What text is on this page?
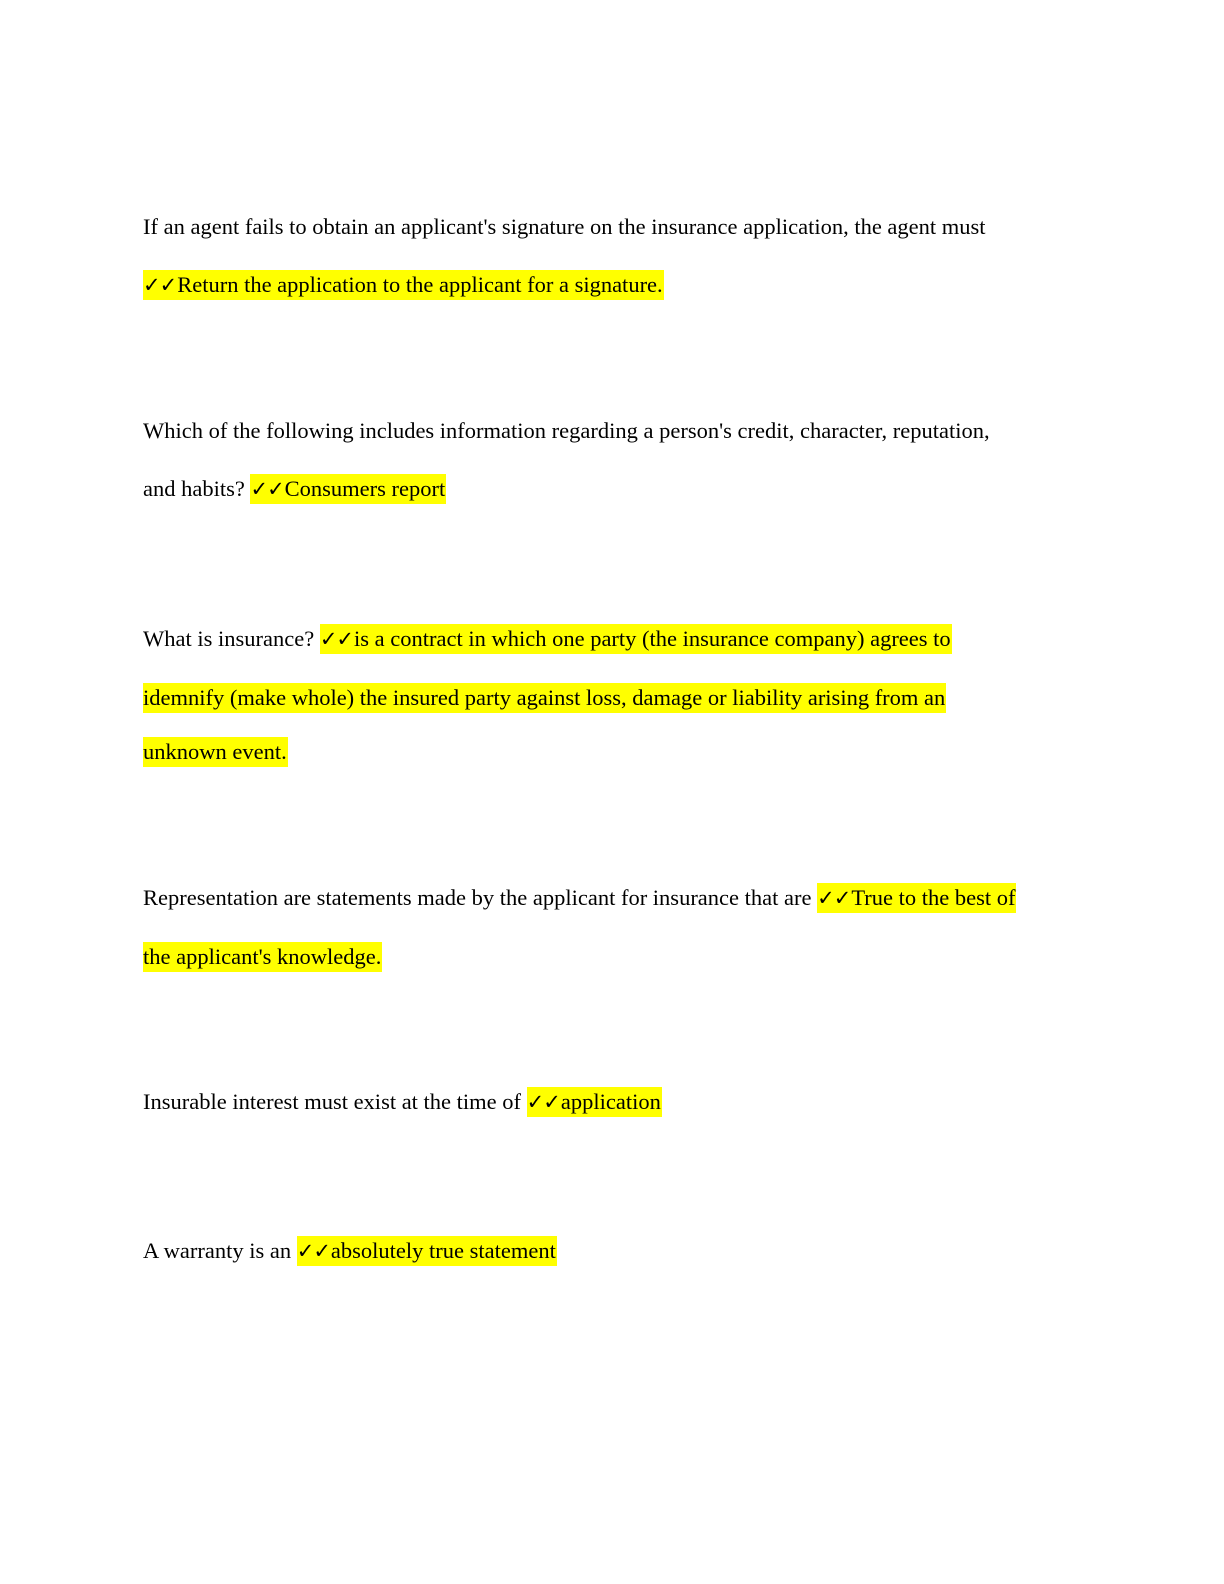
If an agent fails to obtain an applicant's signature on the insurance application, the agent must
✓✓Return the application to the applicant for a signature.
Which of the following includes information regarding a person's credit, character, reputation,
and habits? ✓✓Consumers report
What is insurance? ✓✓is a contract in which one party (the insurance company) agrees to
idemnify (make whole) the insured party against loss, damage or liability arising from an
unknown event.
Representation are statements made by the applicant for insurance that are ✓✓True to the best of
the applicant's knowledge.
Insurable interest must exist at the time of ✓✓application
A warranty is an ✓✓absolutely true statement
